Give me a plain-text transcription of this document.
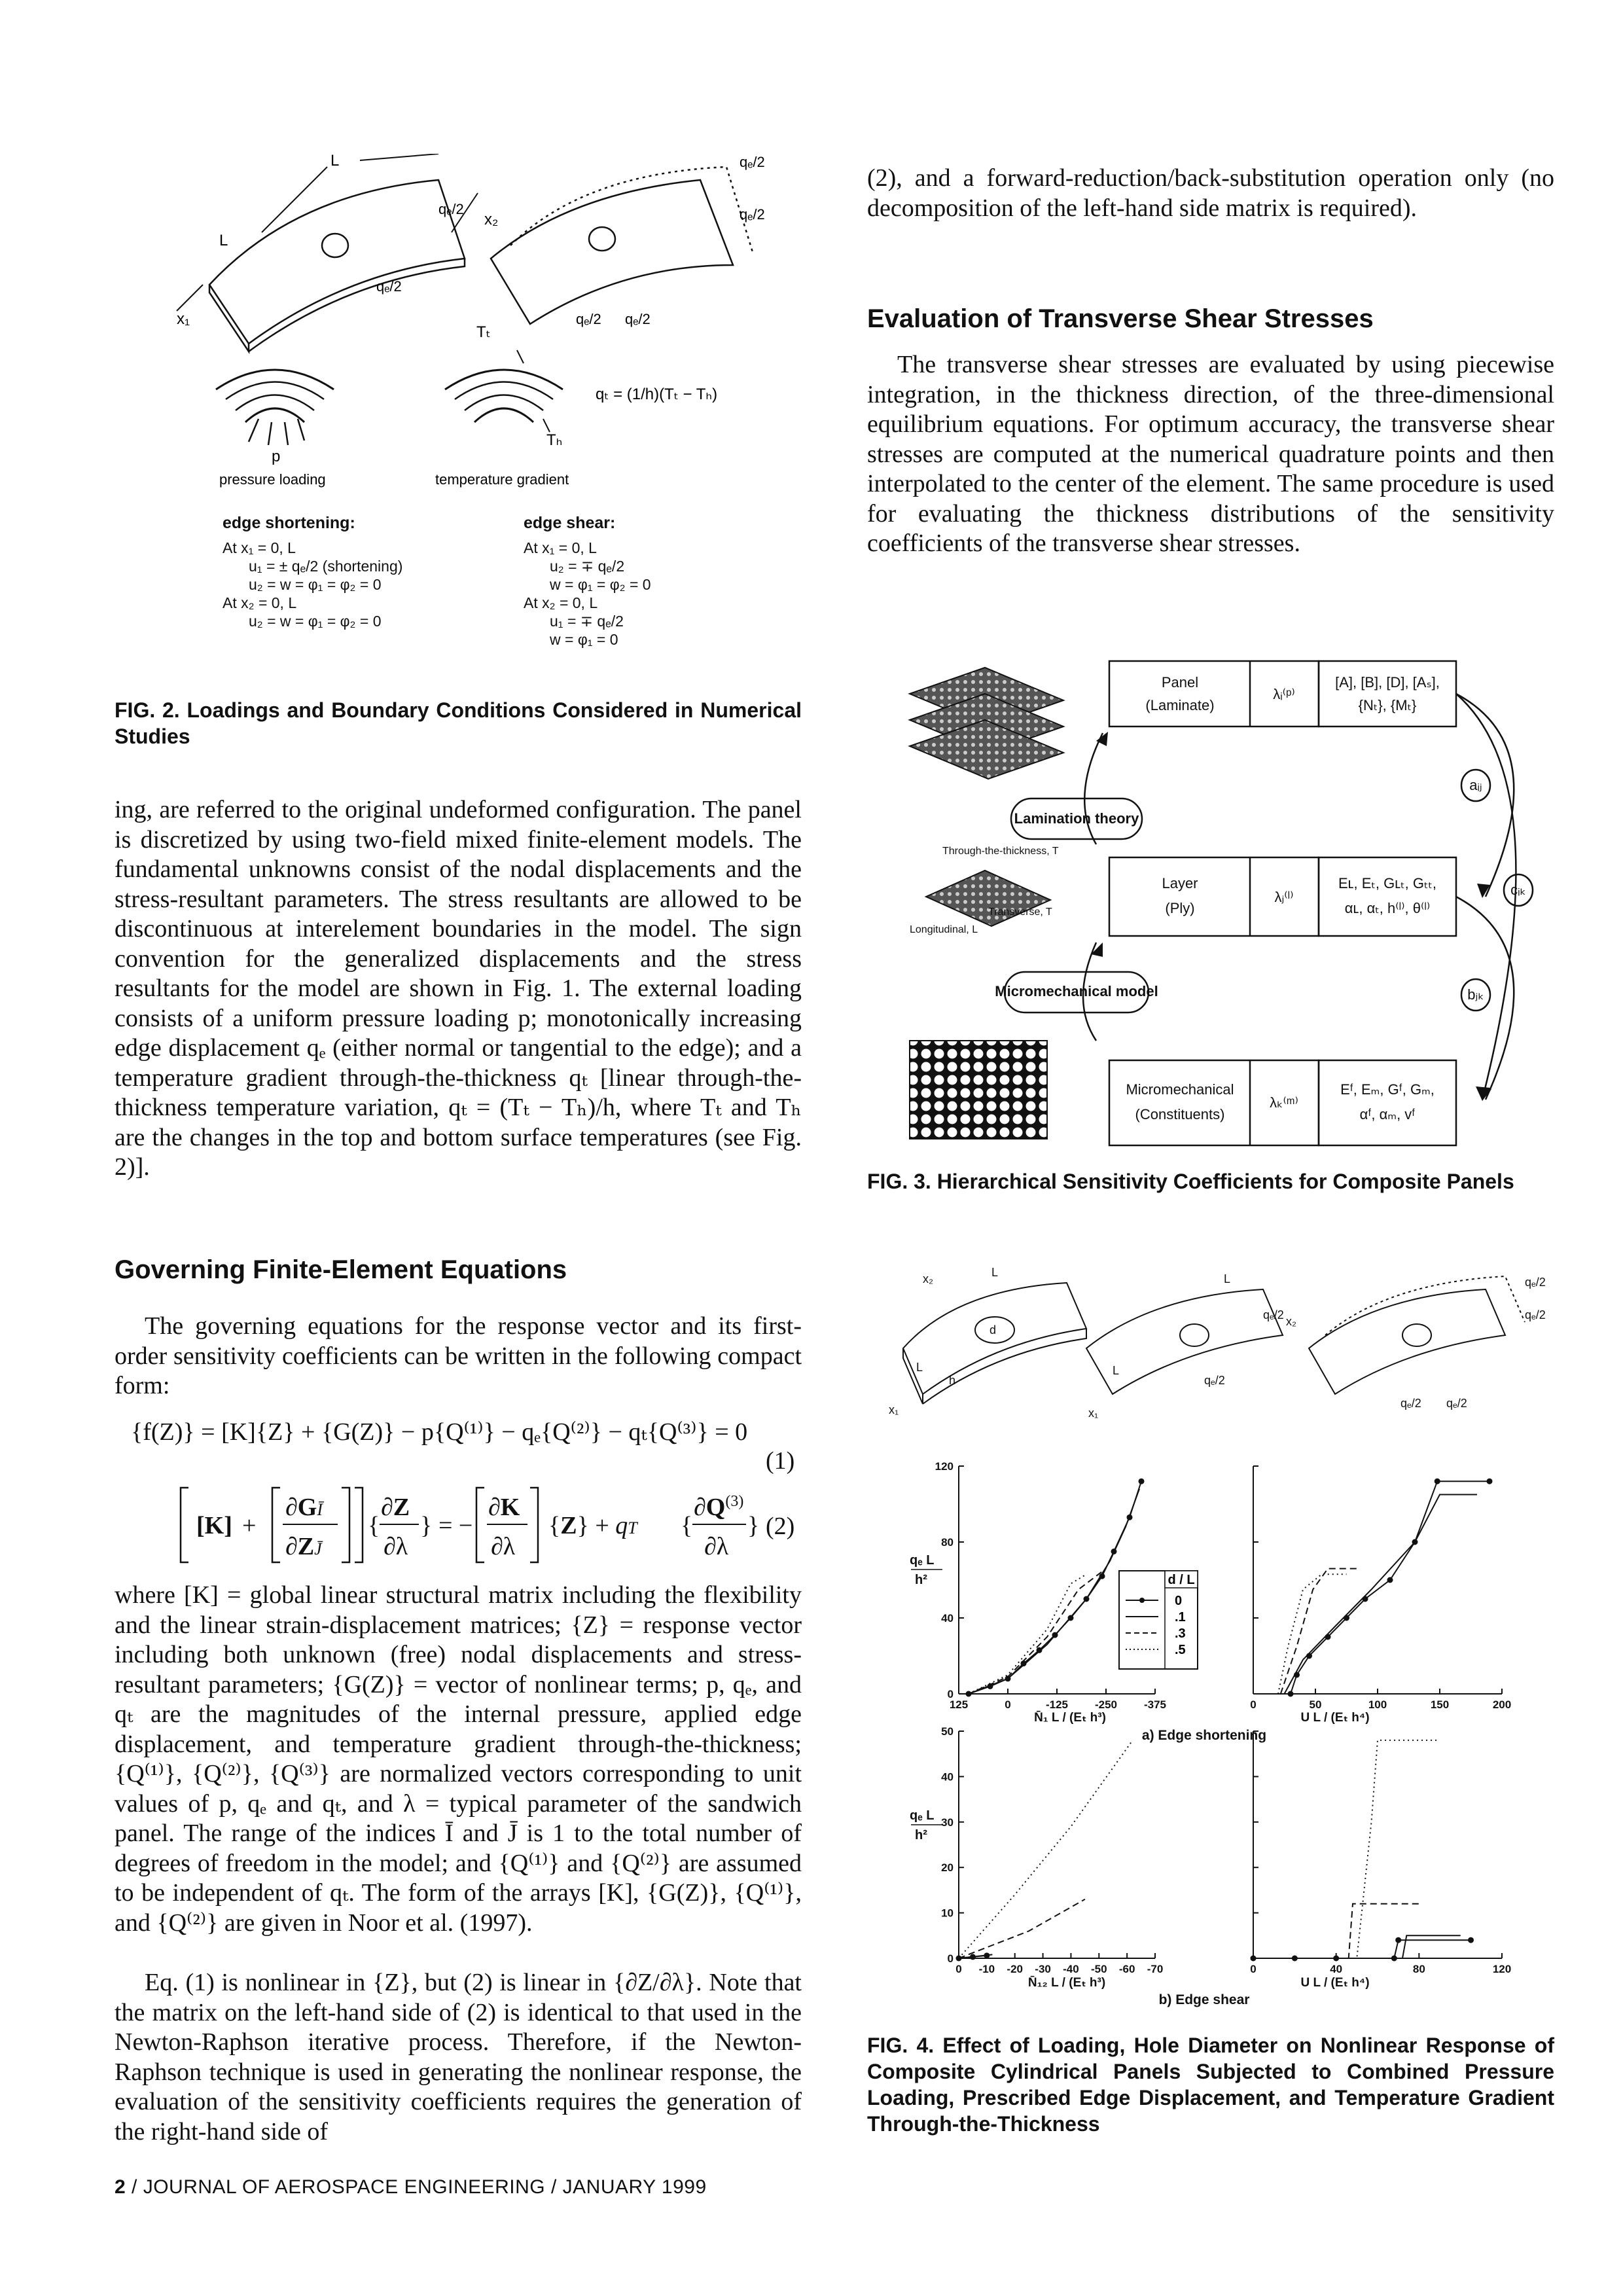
L
L
x₁
x₂
qₑ/2
qₑ/2
qₑ/2
qₑ/2
qₑ/2 qₑ/2
Tₜ
Tₕ
qₜ = (1/h)(Tₜ − Tₕ)
p
pressure loading	temperature gradient
edge shortening:
At x₁ = 0, L
u₁ = ± qₑ/2 (shortening)
u₂ = w = φ₁ = φ₂ = 0
At x₂ = 0, L
u₂ = w = φ₁ = φ₂ = 0
edge shear:
At x₁ = 0, L
u₂ = ∓ qₑ/2
w = φ₁ = φ₂ = 0
At x₂ = 0, L
u₁ = ∓ qₑ/2
w = φ₁ = 0
FIG. 2. Loadings and Boundary Conditions Considered in Numerical Studies

ing, are referred to the original undeformed configuration. The panel is discretized by using two-field mixed finite-element models. The fundamental unknowns consist of the nodal displacements and the stress-resultant parameters. The stress resultants are allowed to be discontinuous at interelement boundaries in the model. The sign convention for the generalized displacements and the stress resultants for the model are shown in Fig. 1. The external loading consists of a uniform pressure loading p; monotonically increasing edge displacement qₑ (either normal or tangential to the edge); and a temperature gradient through-the-thickness qₜ [linear through-the-thickness temperature variation, qₜ = (Tₜ − Tₕ)/h, where Tₜ and Tₕ are the changes in the top and bottom surface temperatures (see Fig. 2)].

Governing Finite-Element Equations

The governing equations for the response vector and its first-order sensitivity coefficients can be written in the following compact form:

{f(Z)} = [K]{Z} + {G(Z)} − p{Q⁽¹⁾} − qₑ{Q⁽²⁾} − qₜ{Q⁽³⁾} = 0
(1)
[K] +
∂GĪ
∂ZJ̄
{
∂Z
∂λ
} = −
∂K
∂λ
{Z} + qT {
$\partial Q^{(3)}$
∂λ
} (2)

where [K] = global linear structural matrix including the flexibility and the linear strain-displacement matrices; {Z} = response vector including both unknown (free) nodal displacements and stress-resultant parameters; {G(Z)} = vector of nonlinear terms; p, qₑ, and qₜ are the magnitudes of the internal pressure, applied edge displacement, and temperature gradient through-the-thickness; {Q⁽¹⁾}, {Q⁽²⁾}, {Q⁽³⁾} are normalized vectors corresponding to unit values of p, qₑ and qₜ, and λ = typical parameter of the sandwich panel. The range of the indices Ī and J̄ is 1 to the total number of degrees of freedom in the model; and {Q⁽¹⁾} and {Q⁽²⁾} are assumed to be independent of qₜ. The form of the arrays [K], {G(Z)}, {Q⁽¹⁾}, and {Q⁽²⁾} are given in Noor et al. (1997).

Eq. (1) is nonlinear in {Z}, but (2) is linear in {∂Z/∂λ}. Note that the matrix on the left-hand side of (2) is identical to that used in the Newton-Raphson iterative process. Therefore, if the Newton-Raphson technique is used in generating the nonlinear response, the evaluation of the sensitivity coefficients requires the generation of the right-hand side of

2 / JOURNAL OF AEROSPACE ENGINEERING / JANUARY 1999

(2), and a forward-reduction/back-substitution operation only (no decomposition of the left-hand side matrix is required).

Evaluation of Transverse Shear Stresses

The transverse shear stresses are evaluated by using piecewise integration, in the thickness direction, of the three-dimensional equilibrium equations. For optimum accuracy, the transverse shear stresses are computed at the numerical quadrature points and then interpolated to the center of the element. The same procedure is used for evaluating the thickness distributions of the sensitivity coefficients of the transverse shear stresses.

Panel
(Laminate)
λᵢ⁽ᵖ⁾
[A], [B], [D], [Aₛ],
{Nₜ}, {Mₜ}
Layer
(Ply)
λⱼ⁽ˡ⁾
Eʟ, Eₜ, Gʟₜ, Gₜₜ,
αʟ, αₜ, h⁽ˡ⁾, θ⁽ˡ⁾
Micromechanical
(Constituents)
λₖ⁽ᵐ⁾
Eᶠ, Eₘ, Gᶠ, Gₘ,
αᶠ, αₘ, vᶠ
Lamination theory
Micromechanical model
aᵢⱼ
cᵢₖ
bⱼₖ
Through-the-thickness, T
Transverse, T
Longitudinal, L
FIG. 3. Hierarchical Sensitivity Coefficients for Composite Panels
x₁
x₂	L
L
d
h
x₁
x₂
L
L
qₑ/2
qₑ/2
qₑ/2
qₑ/2
qₑ/2 qₑ/2
qₑ L
h²
qₑ L
h²
N̄₁ L / (Eₜ h³)	U L / (Eₜ h⁴)
a) Edge shortening
N̄₁₂ L / (Eₜ h³)	U L / (Eₜ h⁴)
b) Edge shear
d / L
0
.1
.3
.5
125	0	-125 -250 -375
0
40
80
120
0	50	100	150	200
0 -10 -20 -30 -40 -50 -60 -70
0
10
20
30
40
50
0	40	80	120
FIG. 4. Effect of Loading, Hole Diameter on Nonlinear Response of Composite Cylindrical Panels Subjected to Combined Pressure Loading, Prescribed Edge Displacement, and Temperature Gradient Through-the-Thickness
